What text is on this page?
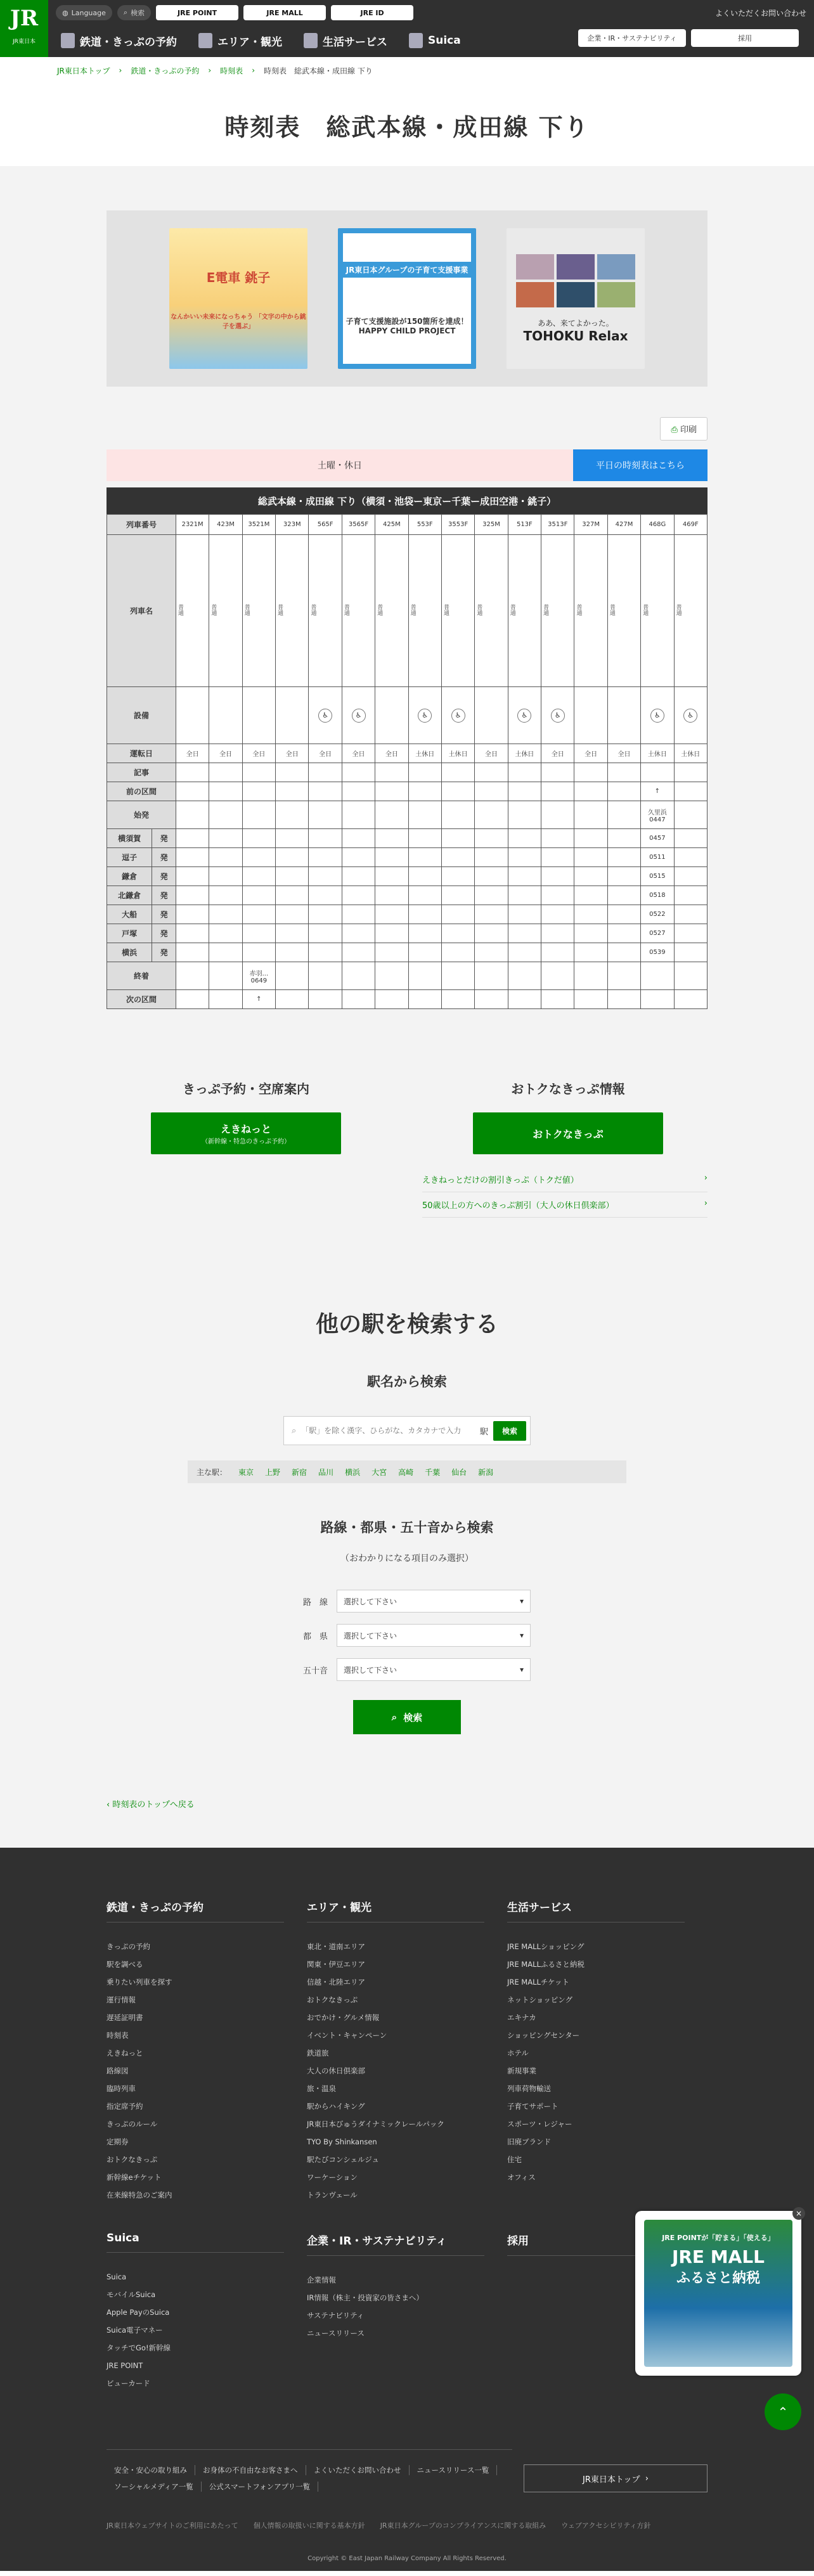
JR
JR東日本
◍ Language	⌕ 検索	JRE POINT	JRE MALL	JRE ID	よくいただくお問い合わせ
鉄道・きっぷの予約	エリア・観光	生活サービス	Suica	企業・IR・サステナビリティ	採用
JR東日本トップ › 鉄道・きっぷの予約 › 時刻表 › 時刻表　総武本線・成田線 下り
時刻表　総武本線・成田線 下り
E電車 銚子
なんかいい未来になっちゃう 「文字の中から銚子を選ぶ」
JR東日本グループの子育て支援事業
子育て支援施設が150箇所を達成！ HAPPY CHILD PROJECT
ああ、来てよかった。
TOHOKU Relax
⎙ 印刷
土曜・休日	平日の時刻表はこちら
総武本線・成田線 下り（横須・池袋ー東京ー千葉ー成田空港・銚子）
列車番号		2321M	423M	3521M	323M	565F	3565F	425M	553F	3553F	325M	513F	3513F	327M	427M	468G	469F
列車名		普通	普通	普通	普通	普通	普通	普通	普通	普通	普通	普通	普通	普通	普通	普通	普通

設備						♿	♿		♿	♿		♿	♿			♿	♿
運転日		全日	全日	全日	全日	全日	全日	全日	土休日	土休日	全日	土休日	全日	全日	全日	土休日	土休日
記事																	
前の区間																↑	
始発																久里浜 0447	
横須賀	発															0457	
逗子	発															0511	
鎌倉	発															0515	
北鎌倉	発															0518	
大船	発															0522	
戸塚	発															0527	
横浜	発															0539	
終着				赤羽... 0649													
次の区間				↑													
きっぷ予約・空席案内
えきねっと
（新幹線・特急のきっぷ予約）
おトクなきっぷ情報
おトクなきっぷ
えきねっとだけの割引きっぷ（トクだ値）	›
50歳以上の方へのきっぷ割引（大人の休日倶楽部）	›
他の駅を検索する
駅名から検索
⌕
「駅」を除く漢字、ひらがな、カタカナで入力	駅	検索
主な駅： 東京 上野 新宿 品川 横浜 大宮 高崎 千葉 仙台 新潟
路線・都県・五十音から検索
（おわかりになる項目のみ選択）
路　線 選択して下さい	▾
都　県 選択して下さい	▾
五十音 選択して下さい	▾
⌕ 検索
‹ 時刻表のトップへ戻る
鉄道・きっぷの予約
きっぷの予約
駅を調べる
乗りたい列車を探す
運行情報
遅延証明書
時刻表
えきねっと
路線図
臨時列車
指定席予約
きっぷのルール
定期券
おトクなきっぷ
新幹線eチケット
在来線特急のご案内
エリア・観光
東北・道南エリア
関東・伊豆エリア
信越・北陸エリア
おトクなきっぷ
おでかけ・グルメ情報
イベント・キャンペーン
鉄道旅
大人の休日倶楽部
旅・温泉
駅からハイキング
JR東日本びゅうダイナミックレールパック
TYO By Shinkansen
駅たびコンシェルジュ
ワーケーション
トランヴェール
生活サービス
JRE MALLショッピング
JRE MALLふるさと納税
JRE MALLチケット
ネットショッピング
エキナカ
ショッピングセンター
ホテル
新規事業
列車荷物輸送
子育てサポート
スポーツ・レジャー
旧廃ブランド
住宅
オフィス
Suica
Suica
モバイルSuica
Apple PayのSuica
Suica電子マネー
タッチでGo!新幹線
JRE POINT
ビューカード
企業・IR・サステナビリティ
企業情報
IR情報（株主・投資家の皆さまへ）
サステナビリティ
ニュースリリース
採用
安全・安心の取り組み	お身体の不自由なお客さまへ	よくいただくお問い合わせ	ニュースリリース一覧
ソーシャルメディア一覧	公式スマートフォンアプリ一覧
JR東日本トップ ›
JR東日本ウェブサイトのご利用にあたって 個人情報の取扱いに関する基本方針 JR東日本グループのコンプライアンスに関する取組み ウェブアクセシビリティ方針
Copyright © East Japan Railway Company All Rights Reserved.
×
JRE POINTが「貯まる」「使える」
JRE MALL
ふるさと納税
⌃
